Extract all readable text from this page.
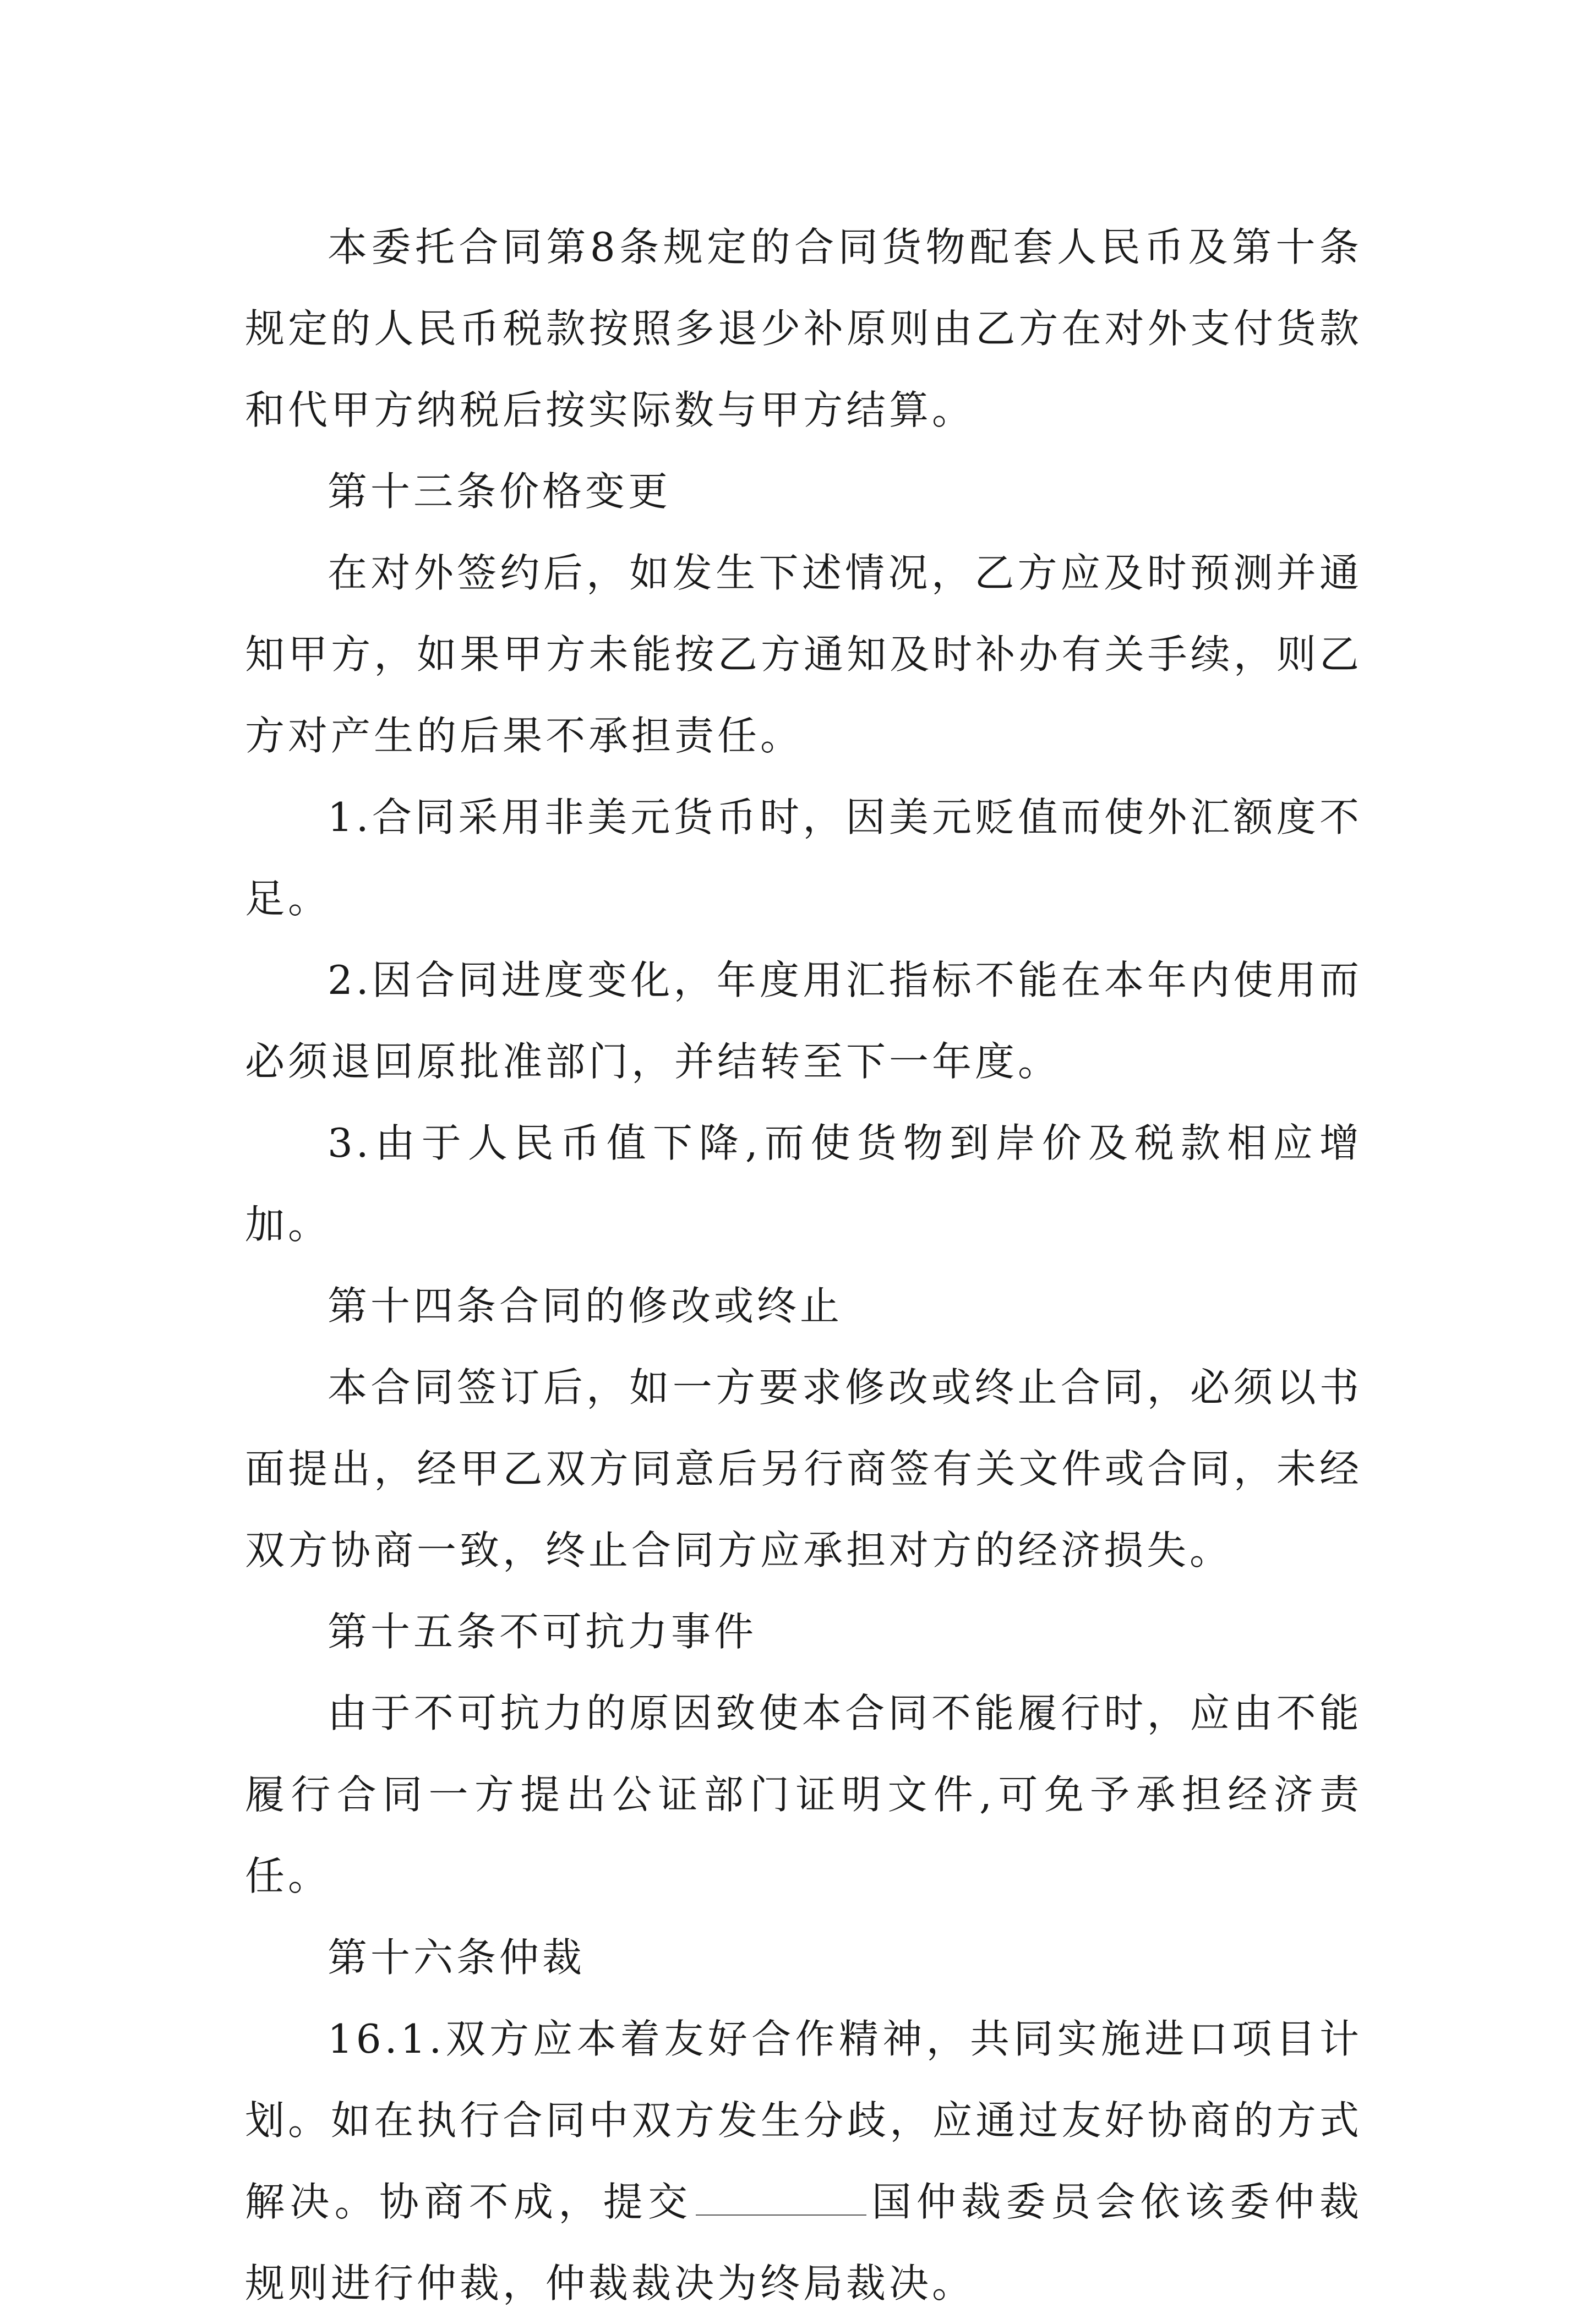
本委托合同第8条规定的合同货物配套人民币及第十条规定的人民币税款按照多退少补原则由乙方在对外支付货款和代甲方纳税后按实际数与甲方结算。

第十三条价格变更

在对外签约后，如发生下述情况，乙方应及时预测并通知甲方，如果甲方未能按乙方通知及时补办有关手续，则乙方对产生的后果不承担责任。

1.合同采用非美元货币时，因美元贬值而使外汇额度不足。

2.因合同进度变化，年度用汇指标不能在本年内使用而必须退回原批准部门，并结转至下一年度。

3.由于人民币值下降,而使货物到岸价及税款相应增加。

第十四条合同的修改或终止

本合同签订后，如一方要求修改或终止合同，必须以书面提出，经甲乙双方同意后另行商签有关文件或合同，未经双方协商一致，终止合同方应承担对方的经济损失。

第十五条不可抗力事件

由于不可抗力的原因致使本合同不能履行时，应由不能履行合同一方提出公证部门证明文件,可免予承担经济责任。

第十六条仲裁

16.1.双方应本着友好合作精神，共同实施进口项目计划。如在执行合同中双方发生分歧，应通过友好协商的方式解决。协商不成，提交	国仲裁委员会依该委仲裁规则进行仲裁，仲裁裁决为终局裁决。
